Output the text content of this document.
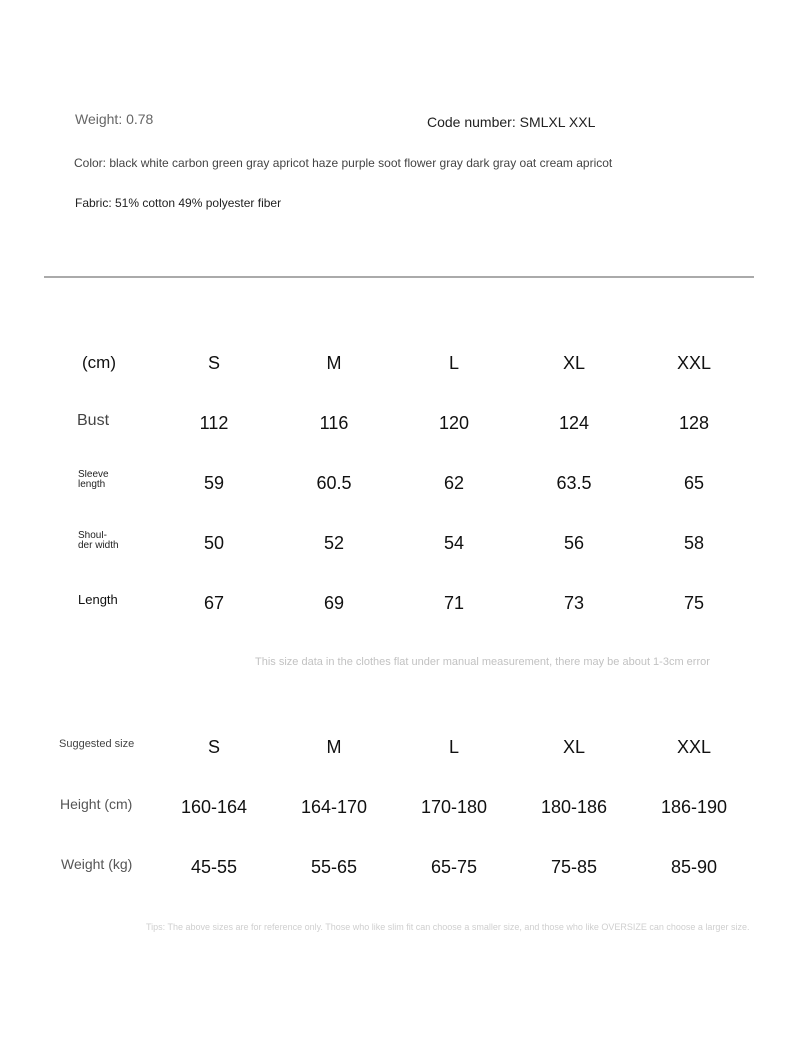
Weight: 0.78	Code number: SMLXL XXL
Color: black white carbon green gray apricot haze purple soot flower gray dark gray oat cream apricot
Fabric: 51% cotton 49% polyester fiber
(cm)	S	M	L	XL	XXL
Bust	112	116	120	124	128
Sleeve length	59	60.5	62	63.5	65
Shoul-der width	50	52	54	56	58
Length	67	69	71	73	75
This size data in the clothes flat under manual measurement, there may be about 1-3cm error
Suggested size	S	M	L	XL	XXL
Height (cm)	160-164	164-170	170-180	180-186	186-190
Weight (kg)	45-55	55-65	65-75	75-85	85-90
Tips: The above sizes are for reference only. Those who like slim fit can choose a smaller size, and those who like OVERSIZE can choose a larger size.
